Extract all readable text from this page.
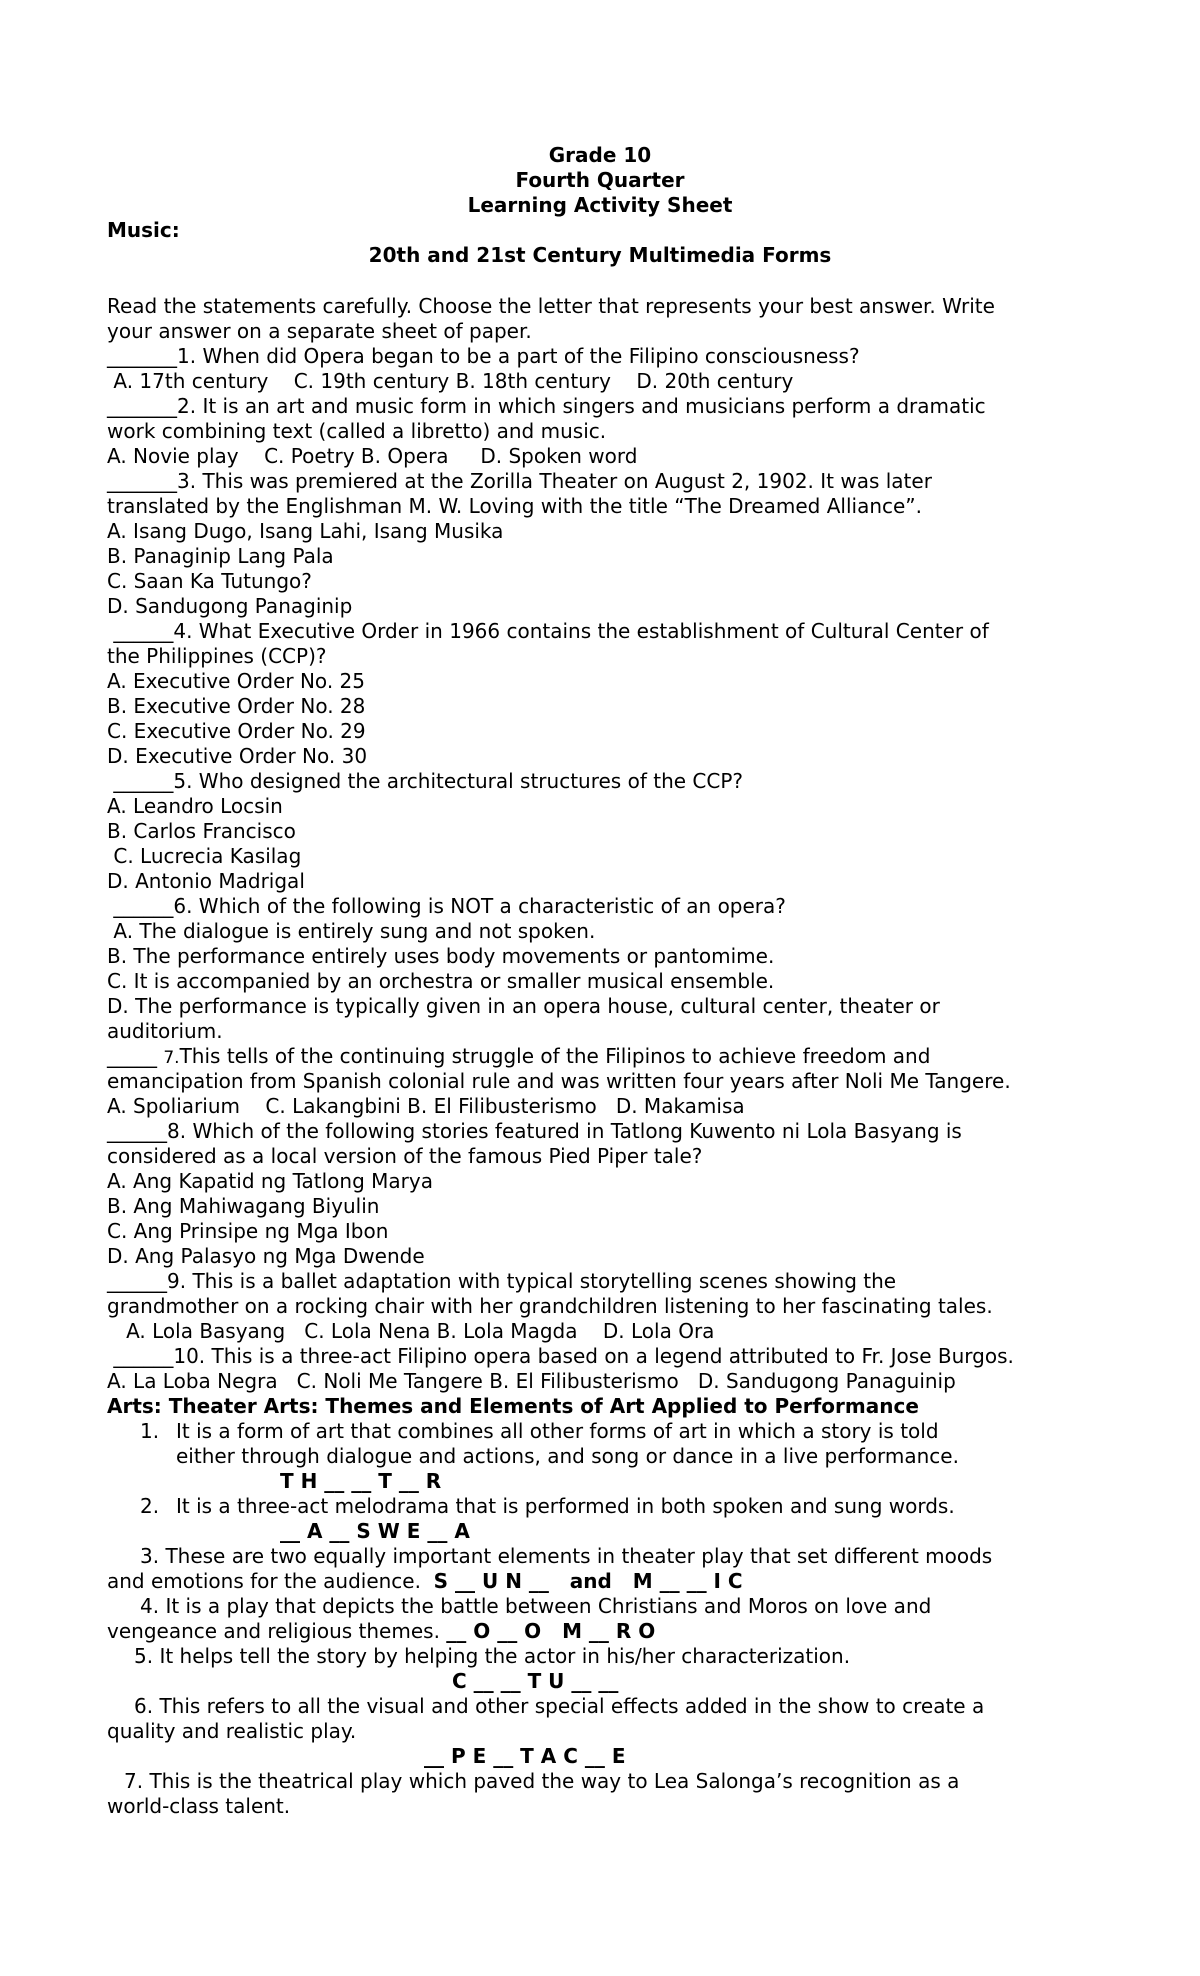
Grade 10

Fourth Quarter

Learning Activity Sheet

Music:

20th and 21st Century Multimedia Forms

Read the statements carefully. Choose the letter that represents your best answer. Write

your answer on a separate sheet of paper.

_______1. When did Opera began to be a part of the Filipino consciousness?

A. 17th century    C. 19th century B. 18th century    D. 20th century

_______2. It is an art and music form in which singers and musicians perform a dramatic

work combining text (called a libretto) and music.

A. Novie play    C. Poetry B. Opera     D. Spoken word

_______3. This was premiered at the Zorilla Theater on August 2, 1902. It was later

translated by the Englishman M. W. Loving with the title “The Dreamed Alliance”.

A. Isang Dugo, Isang Lahi, Isang Musika

B. Panaginip Lang Pala

C. Saan Ka Tutungo?

D. Sandugong Panaginip

______4. What Executive Order in 1966 contains the establishment of Cultural Center of

the Philippines (CCP)?

A. Executive Order No. 25

B. Executive Order No. 28

C. Executive Order No. 29

D. Executive Order No. 30

______5. Who designed the architectural structures of the CCP?

A. Leandro Locsin

B. Carlos Francisco

C. Lucrecia Kasilag

D. Antonio Madrigal

______6. Which of the following is NOT a characteristic of an opera?

A. The dialogue is entirely sung and not spoken.

B. The performance entirely uses body movements or pantomime.

C. It is accompanied by an orchestra or smaller musical ensemble.

D. The performance is typically given in an opera house, cultural center, theater or

auditorium.

_____ 7.This tells of the continuing struggle of the Filipinos to achieve freedom and

emancipation from Spanish colonial rule and was written four years after Noli Me Tangere.

A. Spoliarium    C. Lakangbini B. El Filibusterismo   D. Makamisa

______8. Which of the following stories featured in Tatlong Kuwento ni Lola Basyang is

considered as a local version of the famous Pied Piper tale?

A. Ang Kapatid ng Tatlong Marya

B. Ang Mahiwagang Biyulin

C. Ang Prinsipe ng Mga Ibon

D. Ang Palasyo ng Mga Dwende

______9. This is a ballet adaptation with typical storytelling scenes showing the

grandmother on a rocking chair with her grandchildren listening to her fascinating tales.

A. Lola Basyang   C. Lola Nena B. Lola Magda    D. Lola Ora

______10. This is a three-act Filipino opera based on a legend attributed to Fr. Jose Burgos.

A. La Loba Negra   C. Noli Me Tangere B. El Filibusterismo   D. Sandugong Panaguinip

Arts: Theater Arts: Themes and Elements of Art Applied to Performance

1. It is a form of art that combines all other forms of art in which a story is told

either through dialogue and actions, and song or dance in a live performance.

T H __ __ T __ R

2. It is a three-act melodrama that is performed in both spoken and sung words.

__ A __ S W E __ A

3. These are two equally important elements in theater play that set different moods

and emotions for the audience.  S __ U N __   and   M __ __ I C

4. It is a play that depicts the battle between Christians and Moros on love and

vengeance and religious themes. __ O __ O   M __ R O

5. It helps tell the story by helping the actor in his/her characterization.

C __ __ T U __ __

6. This refers to all the visual and other special effects added in the show to create a

quality and realistic play.

__ P E __ T A C __ E

7. This is the theatrical play which paved the way to Lea Salonga’s recognition as a

world-class talent.
